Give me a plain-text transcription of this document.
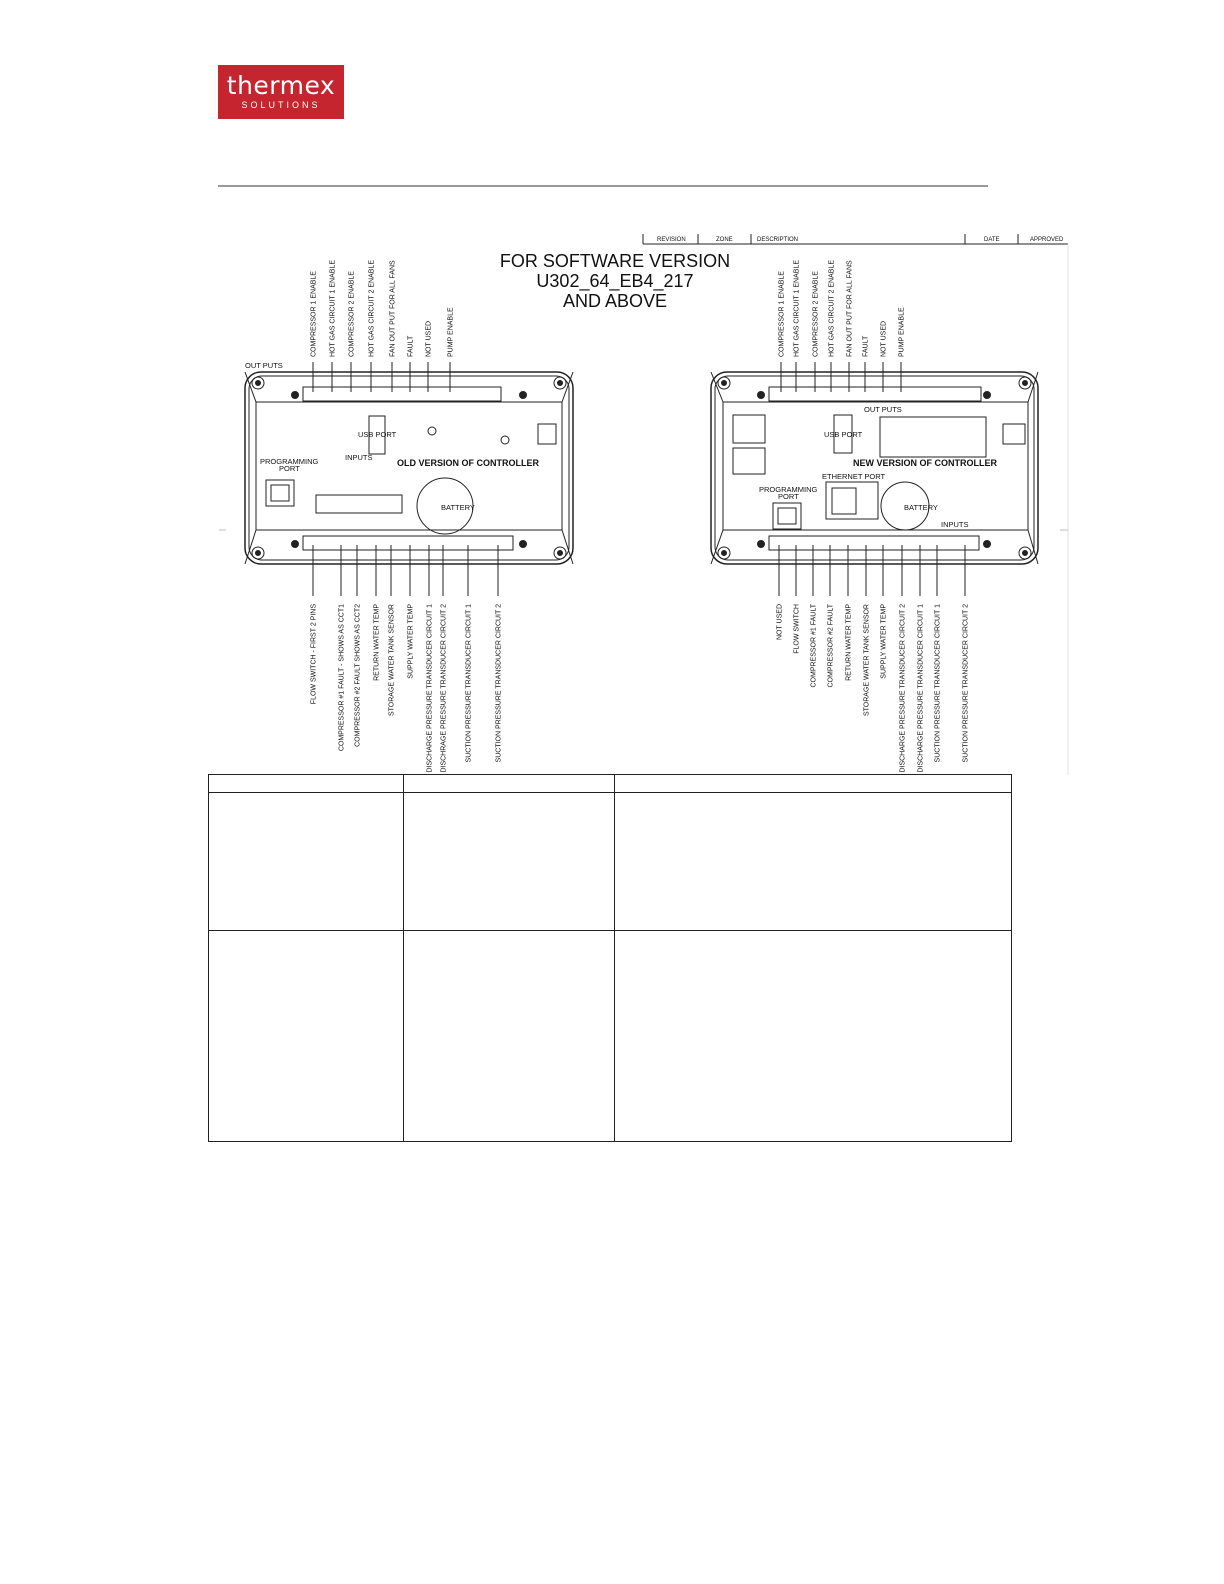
thermex
SOLUTIONS
REVISION	ZONE	DESCRIPTION	DATE	APPROVED
FOR SOFTWARE VERSION
U302_64_EB4_217
AND ABOVE
OUT PUTS
USB PORT
INPUTS
PROGRAMMING
PORT
BATTERY
OLD VERSION OF CONTROLLER
COMPRESSOR 1 ENABLE HOT GAS CIRCUIT 1 ENABLE COMPRESSOR 2 ENABLE HOT GAS CIRCUIT 2 ENABLE FAN OUT PUT FOR ALL FANS FAULT NOT USED PUMP ENABLE
FLOW SWITCH - FIRST 2 PINS	COMPRESSOR #1 FAULT - SHOWS AS CCT1 COMPRESSOR #2 FAULT SHOWS AS CCT2 RETURN WATER TEMP STORAGE WATER TANK SENSOR SUPPLY WATER TEMP DISCHARGE PRESSURE TRANSDUCER CIRCUIT 1 DISCHRAGE PRESSURE TRANSDUCER CIRCUIT 2	SUCTION PRESSURE TRANSDUCER CIRCUIT 1	SUCTION PRESSURE TRANSDUCER CIRCUIT 2
OUT PUTS
USB PORT
ETHERNET PORT
PROGRAMMING
PORT
BATTERY
INPUTS
NEW VERSION OF CONTROLLER
COMPRESSOR 1 ENABLE HOT GAS CIRCUIT 1 ENABLE COMPRESSOR 2 ENABLE HOT GAS CIRCUIT 2 ENABLE FAN OUT PUT FOR ALL FANS FAULT NOT USED PUMP ENABLE
NOT USED FLOW SWITCH COMPRESSOR #1 FAULT COMPRESSOR #2 FAULT RETURN WATER TEMP STORAGE WATER TANK SENSOR SUPPLY WATER TEMP DISCHARGE PRESSURE TRANSDUCER CIRCUIT 2 DISCHARGE PRESSURE TRANSDUCER CIRCUIT 1 SUCTION PRESSURE TRANSDUCER CIRCUIT 1	SUCTION PRESSURE TRANSDUCER CIRCUIT 2
